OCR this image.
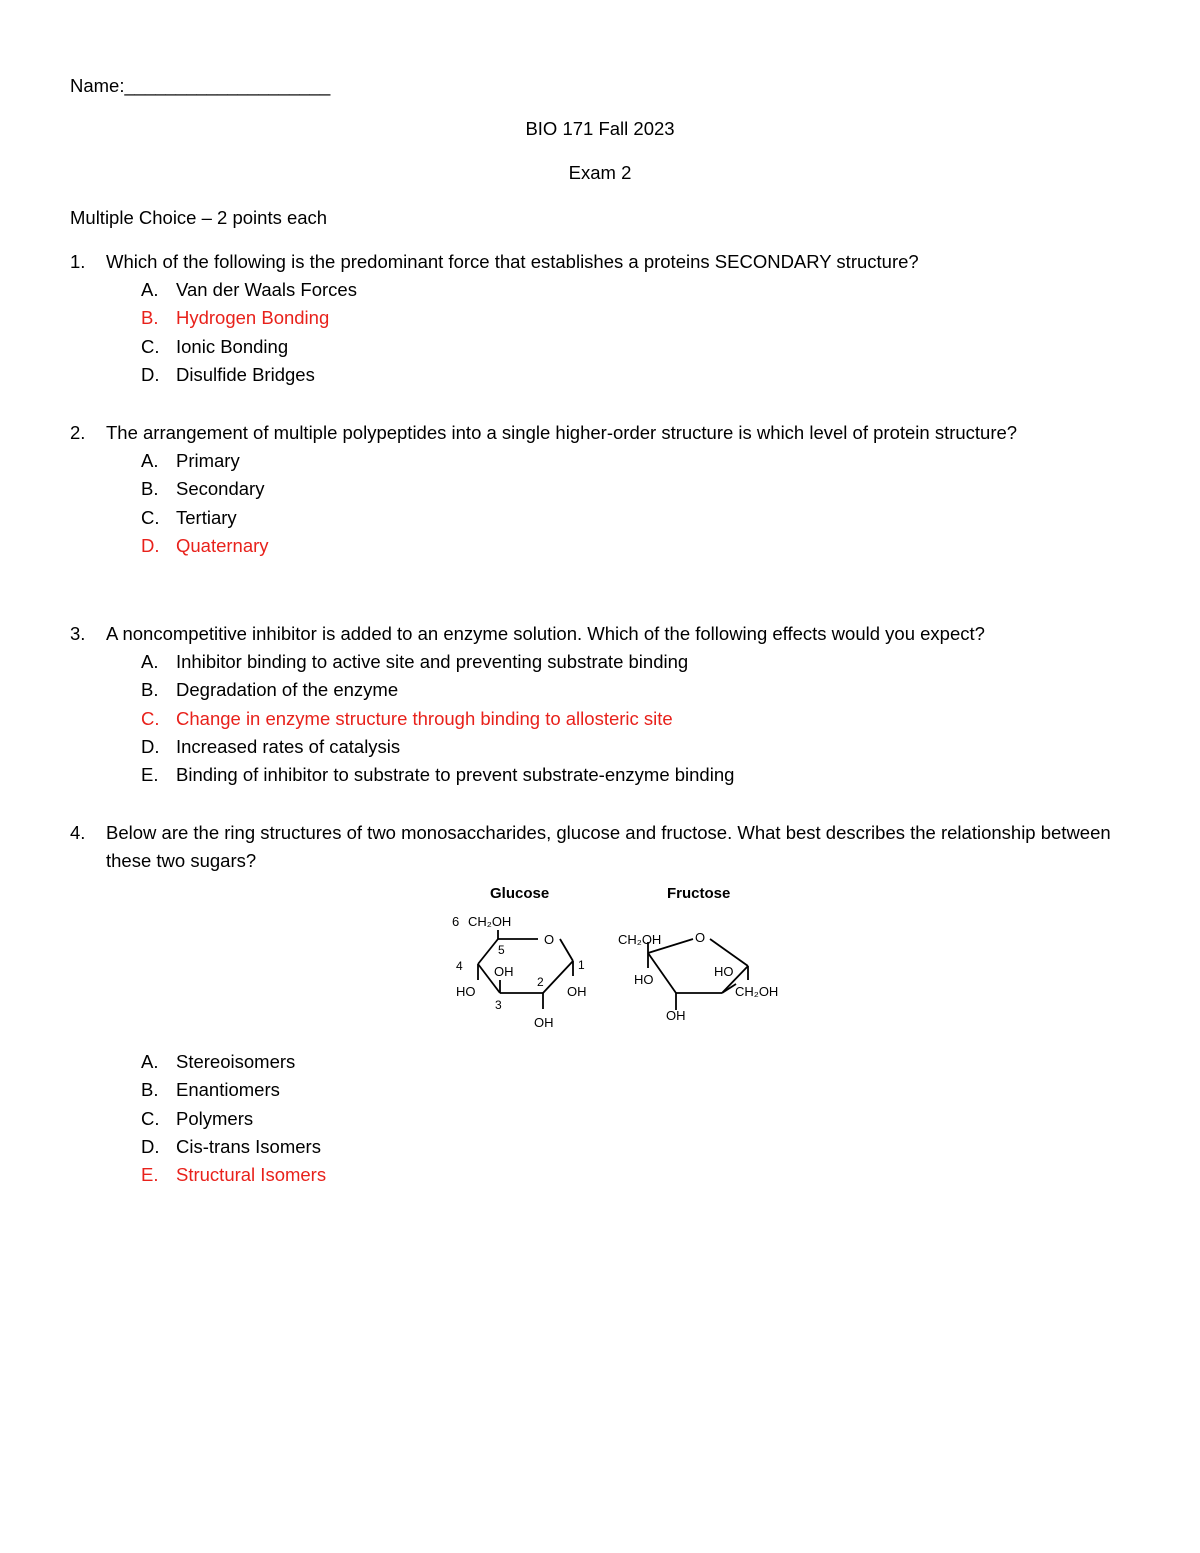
Name:____________________
BIO 171 Fall 2023
Exam 2
Multiple Choice – 2 points each
1. Which of the following is the predominant force that establishes a proteins SECONDARY structure?
A. Van der Waals Forces
B. Hydrogen Bonding
C. Ionic Bonding
D. Disulfide Bridges
2. The arrangement of multiple polypeptides into a single higher-order structure is which level of protein structure?
A. Primary
B. Secondary
C. Tertiary
D. Quaternary
3. A noncompetitive inhibitor is added to an enzyme solution. Which of the following effects would you expect?
A. Inhibitor binding to active site and preventing substrate binding
B. Degradation of the enzyme
C. Change in enzyme structure through binding to allosteric site
D. Increased rates of catalysis
E. Binding of inhibitor to substrate to prevent substrate-enzyme binding
4. Below are the ring structures of two monosaccharides, glucose and fructose. What best describes the relationship between these two sugars?
Glucose	Fructose
6 CH₂OH
5
O
4	1
OH
2
HO	OH
3
OH
CH₂OH	O
HO
HO
CH₂OH
OH
A. Stereoisomers
B. Enantiomers
C. Polymers
D. Cis-trans Isomers
E. Structural Isomers
